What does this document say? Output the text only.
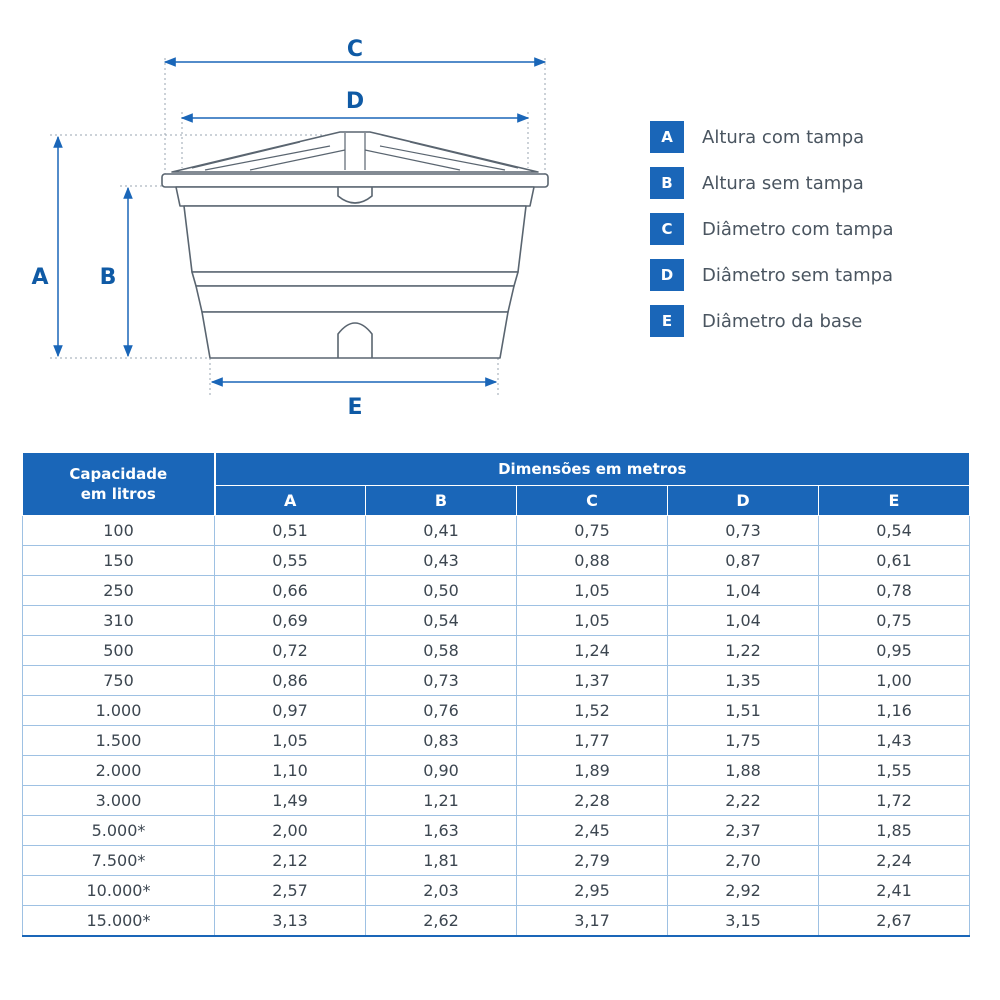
C
D
A B
E
A	Altura com tampa
B	Altura sem tampa
C	Diâmetro com tampa
D	Diâmetro sem tampa
E	Diâmetro da base
Capacidade
em litros	Dimensões em metros				
	A	B	C	D	E
100	0,51	0,41	0,75	0,73	0,54
150	0,55	0,43	0,88	0,87	0,61
250	0,66	0,50	1,05	1,04	0,78
310	0,69	0,54	1,05	1,04	0,75
500	0,72	0,58	1,24	1,22	0,95
750	0,86	0,73	1,37	1,35	1,00
1.000	0,97	0,76	1,52	1,51	1,16
1.500	1,05	0,83	1,77	1,75	1,43
2.000	1,10	0,90	1,89	1,88	1,55
3.000	1,49	1,21	2,28	2,22	1,72
5.000*	2,00	1,63	2,45	2,37	1,85
7.500*	2,12	1,81	2,79	2,70	2,24
10.000*	2,57	2,03	2,95	2,92	2,41
15.000*	3,13	2,62	3,17	3,15	2,67
